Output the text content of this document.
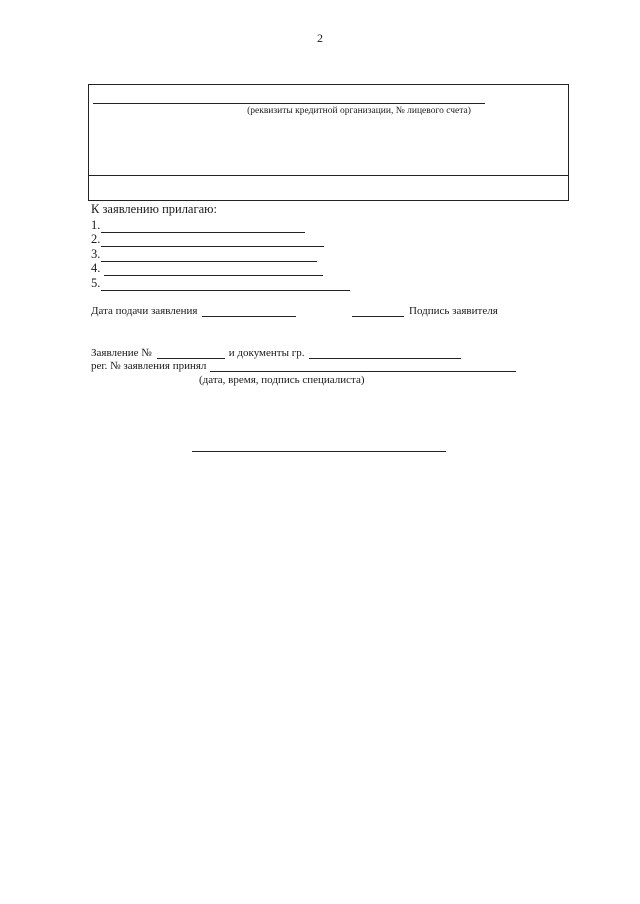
2
(реквизиты кредитной организации, № лицевого счета)
К заявлению прилагаю:
1.
2.
3.
4.
5.
Дата подачи заявления	Подпись заявителя
Заявление №	и документы гр.
рег. № заявления принял
(дата, время, подпись специалиста)
